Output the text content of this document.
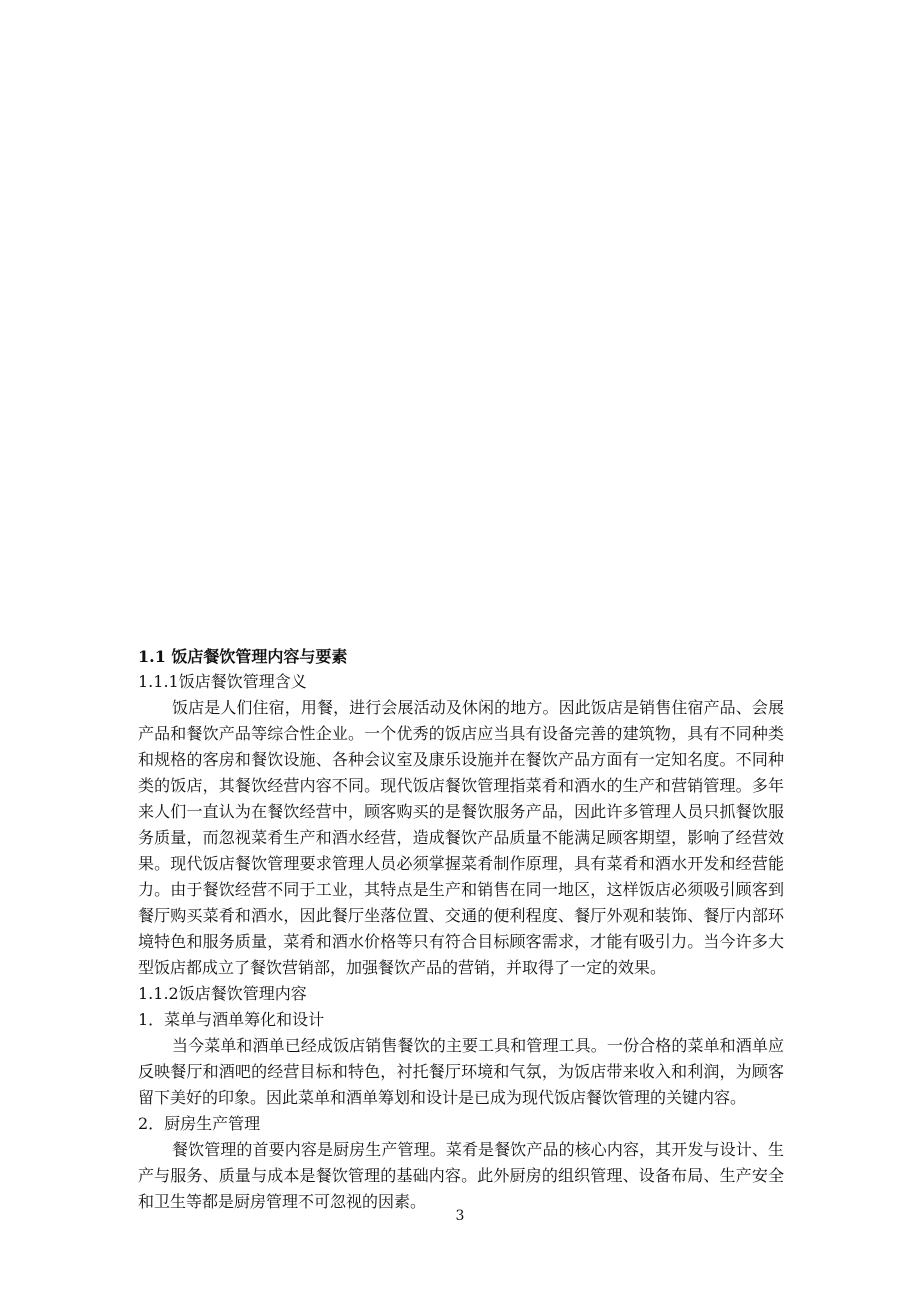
1.1 饭店餐饮管理内容与要素
1.1.1饭店餐饮管理含义
饭店是人们住宿，用餐，进行会展活动及休闲的地方。因此饭店是销售住宿产品、会展
产品和餐饮产品等综合性企业。一个优秀的饭店应当具有设备完善的建筑物，具有不同种类
和规格的客房和餐饮设施、各种会议室及康乐设施并在餐饮产品方面有一定知名度。不同种
类的饭店，其餐饮经营内容不同。现代饭店餐饮管理指菜肴和酒水的生产和营销管理。多年
来人们一直认为在餐饮经营中，顾客购买的是餐饮服务产品，因此许多管理人员只抓餐饮服
务质量，而忽视菜肴生产和酒水经营，造成餐饮产品质量不能满足顾客期望，影响了经营效
果。现代饭店餐饮管理要求管理人员必须掌握菜肴制作原理，具有菜肴和酒水开发和经营能
力。由于餐饮经营不同于工业，其特点是生产和销售在同一地区，这样饭店必须吸引顾客到
餐厅购买菜肴和酒水，因此餐厅坐落位置、交通的便利程度、餐厅外观和装饰、餐厅内部环
境特色和服务质量，菜肴和酒水价格等只有符合目标顾客需求，才能有吸引力。当今许多大
型饭店都成立了餐饮营销部，加强餐饮产品的营销，并取得了一定的效果。
1.1.2饭店餐饮管理内容
1．菜单与酒单筹化和设计
当今菜单和酒单已经成饭店销售餐饮的主要工具和管理工具。一份合格的菜单和酒单应
反映餐厅和酒吧的经营目标和特色，衬托餐厅环境和气氛，为饭店带来收入和利润，为顾客
留下美好的印象。因此菜单和酒单筹划和设计是已成为现代饭店餐饮管理的关键内容。
2．厨房生产管理
餐饮管理的首要内容是厨房生产管理。菜肴是餐饮产品的核心内容，其开发与设计、生
产与服务、质量与成本是餐饮管理的基础内容。此外厨房的组织管理、设备布局、生产安全
和卫生等都是厨房管理不可忽视的因素。
3
